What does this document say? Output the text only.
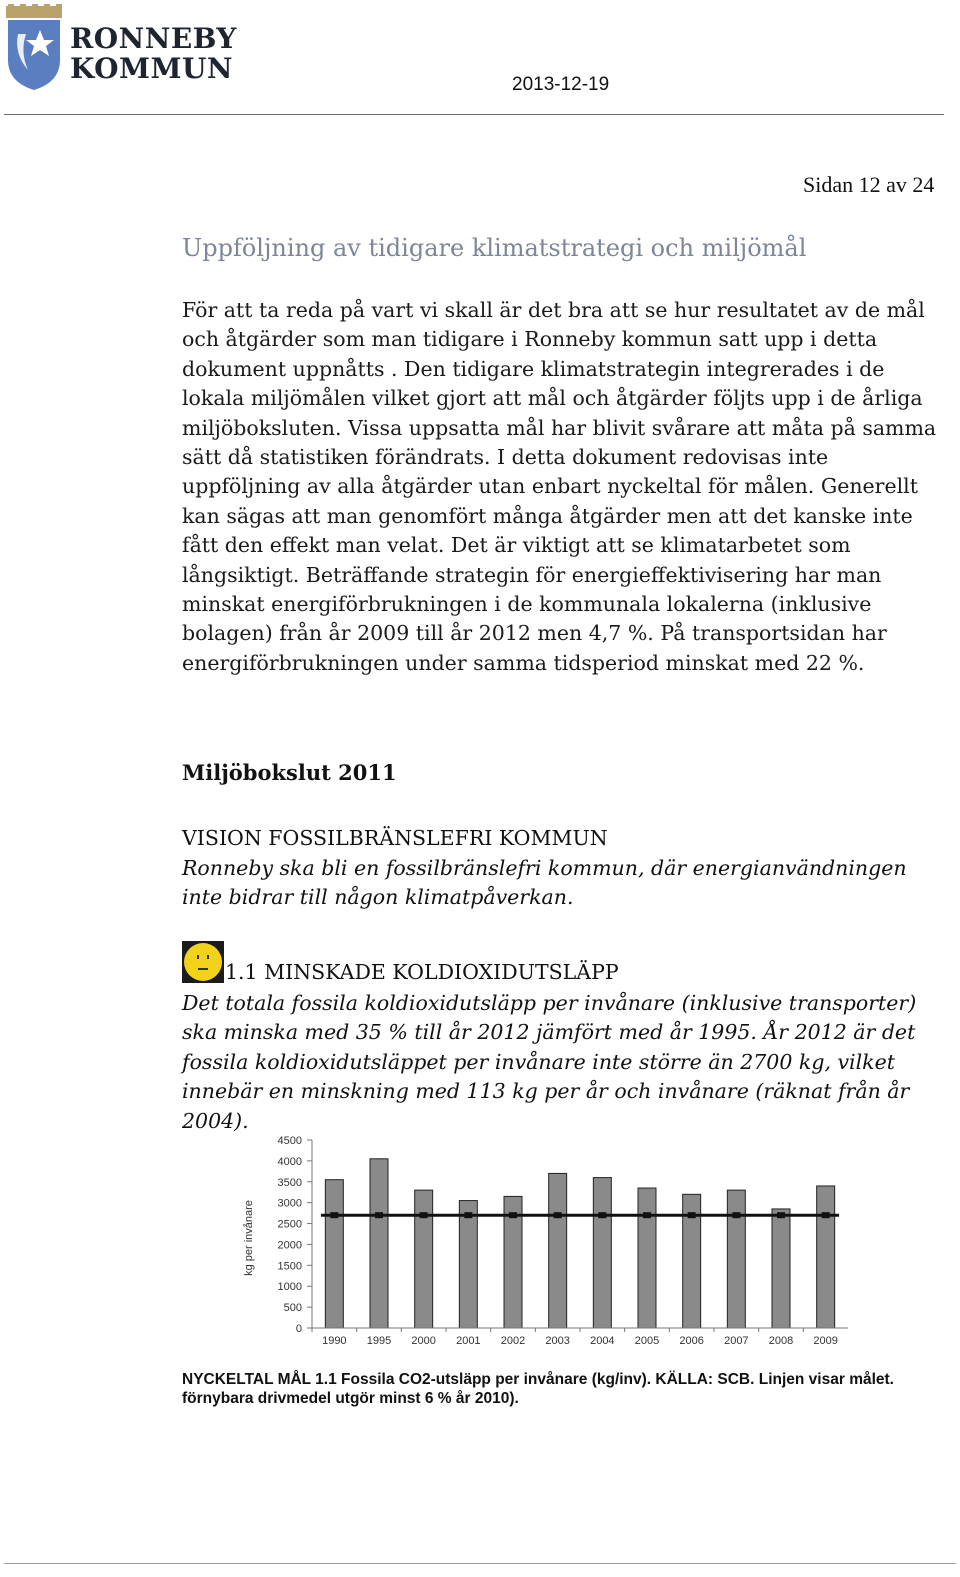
RONNEBY
KOMMUN	2013-12-19
Sidan 12 av 24
Uppföljning av tidigare klimatstrategi och miljömål
För att ta reda på vart vi skall är det bra att se hur resultatet av de mål och åtgärder som man tidigare i Ronneby kommun satt upp i detta dokument uppnåtts . Den tidigare klimatstrategin integrerades i de lokala miljömålen vilket gjort att mål och åtgärder följts upp i de årliga miljöboksluten. Vissa uppsatta mål har blivit svårare att måta på samma sätt då statistiken förändrats. I detta dokument redovisas inte uppföljning av alla åtgärder utan enbart nyckeltal för målen. Generellt kan sägas att man genomfört många åtgärder men att det kanske inte fått den effekt man velat. Det är viktigt att se klimatarbetet som långsiktigt. Beträffande strategin för energieffektivisering har man minskat energiförbrukningen i de kommunala lokalerna (inklusive bolagen) från år 2009 till år 2012 men 4,7 %. På transportsidan har energiförbrukningen under samma tidsperiod minskat med 22 %.
Miljöbokslut 2011
VISION FOSSILBRÄNSLEFRI KOMMUN
Ronneby ska bli en fossilbränslefri kommun, där energianvändningen inte bidrar till någon klimatpåverkan.
1.1 MINSKADE KOLDIOXIDUTSLÄPP
Det totala fossila koldioxidutsläpp per invånare (inklusive transporter) ska minska med 35 % till år 2012 jämfört med år 1995. År 2012 är det fossila koldioxidutsläppet per invånare inte större än 2700 kg, vilket innebär en minskning med 113 kg per år och invånare (räknat från år 2004).
kg per invånare
0
500
1000
1500
2000
2500
3000
3500
4000
4500
1990 1995 2000 2001 2002 2003 2004 2005 2006 2007 2008 2009
NYCKELTAL MÅL 1.1 Fossila CO2-utsläpp per invånare (kg/inv). KÄLLA: SCB. Linjen visar målet. förnybara drivmedel utgör minst 6 % år 2010).
